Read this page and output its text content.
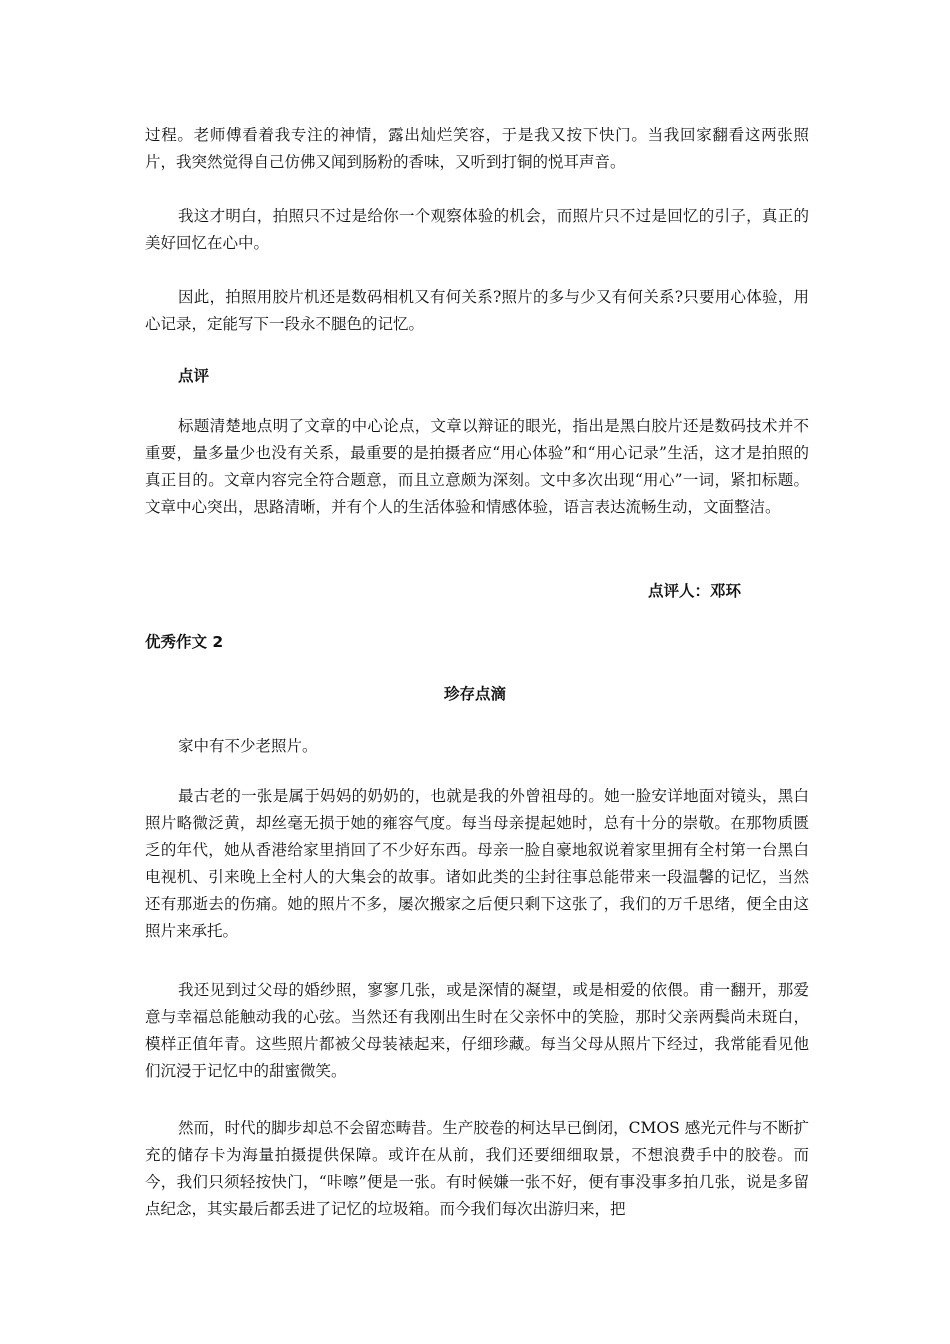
过程。老师傅看着我专注的神情，露出灿烂笑容，于是我又按下快门。当我回家翻看这两张照片，我突然觉得自己仿佛又闻到肠粉的香味，又听到打铜的悦耳声音。

我这才明白，拍照只不过是给你一个观察体验的机会，而照片只不过是回忆的引子，真正的美好回忆在心中。

因此，拍照用胶片机还是数码相机又有何关系?照片的多与少又有何关系?只要用心体验，用心记录，定能写下一段永不腿色的记忆。

点评

标题清楚地点明了文章的中心论点，文章以辩证的眼光，指出是黑白胶片还是数码技术并不重要，量多量少也没有关系，最重要的是拍摄者应“用心体验”和“用心记录”生活，这才是拍照的真正目的。文章内容完全符合题意，而且立意颇为深刻。文中多次出现“用心”一词，紧扣标题。文章中心突出，思路清晰，并有个人的生活体验和情感体验，语言表达流畅生动，文面整洁。

点评人：邓环

优秀作文 2

珍存点滴

家中有不少老照片。

最古老的一张是属于妈妈的奶奶的，也就是我的外曾祖母的。她一脸安详地面对镜头，黑白照片略微泛黄，却丝毫无损于她的雍容气度。每当母亲提起她时，总有十分的崇敬。在那物质匮乏的年代，她从香港给家里捎回了不少好东西。母亲一脸自豪地叙说着家里拥有全村第一台黑白电视机、引来晚上全村人的大集会的故事。诸如此类的尘封往事总能带来一段温馨的记忆，当然还有那逝去的伤痛。她的照片不多，屡次搬家之后便只剩下这张了，我们的万千思绪，便全由这照片来承托。

我还见到过父母的婚纱照，寥寥几张，或是深情的凝望，或是相爱的依偎。甫一翻开，那爱意与幸福总能触动我的心弦。当然还有我刚出生时在父亲怀中的笑脸，那时父亲两鬓尚未斑白，模样正值年青。这些照片都被父母装裱起来，仔细珍藏。每当父母从照片下经过，我常能看见他们沉浸于记忆中的甜蜜微笑。

然而，时代的脚步却总不会留恋畴昔。生产胶卷的柯达早已倒闭，CMOS 感光元件与不断扩充的储存卡为海量拍摄提供保障。或许在从前，我们还要细细取景，不想浪费手中的胶卷。而今，我们只须轻按快门，“咔嚓”便是一张。有时候嫌一张不好，便有事没事多拍几张，说是多留点纪念，其实最后都丢进了记忆的垃圾箱。而今我们每次出游归来，把
